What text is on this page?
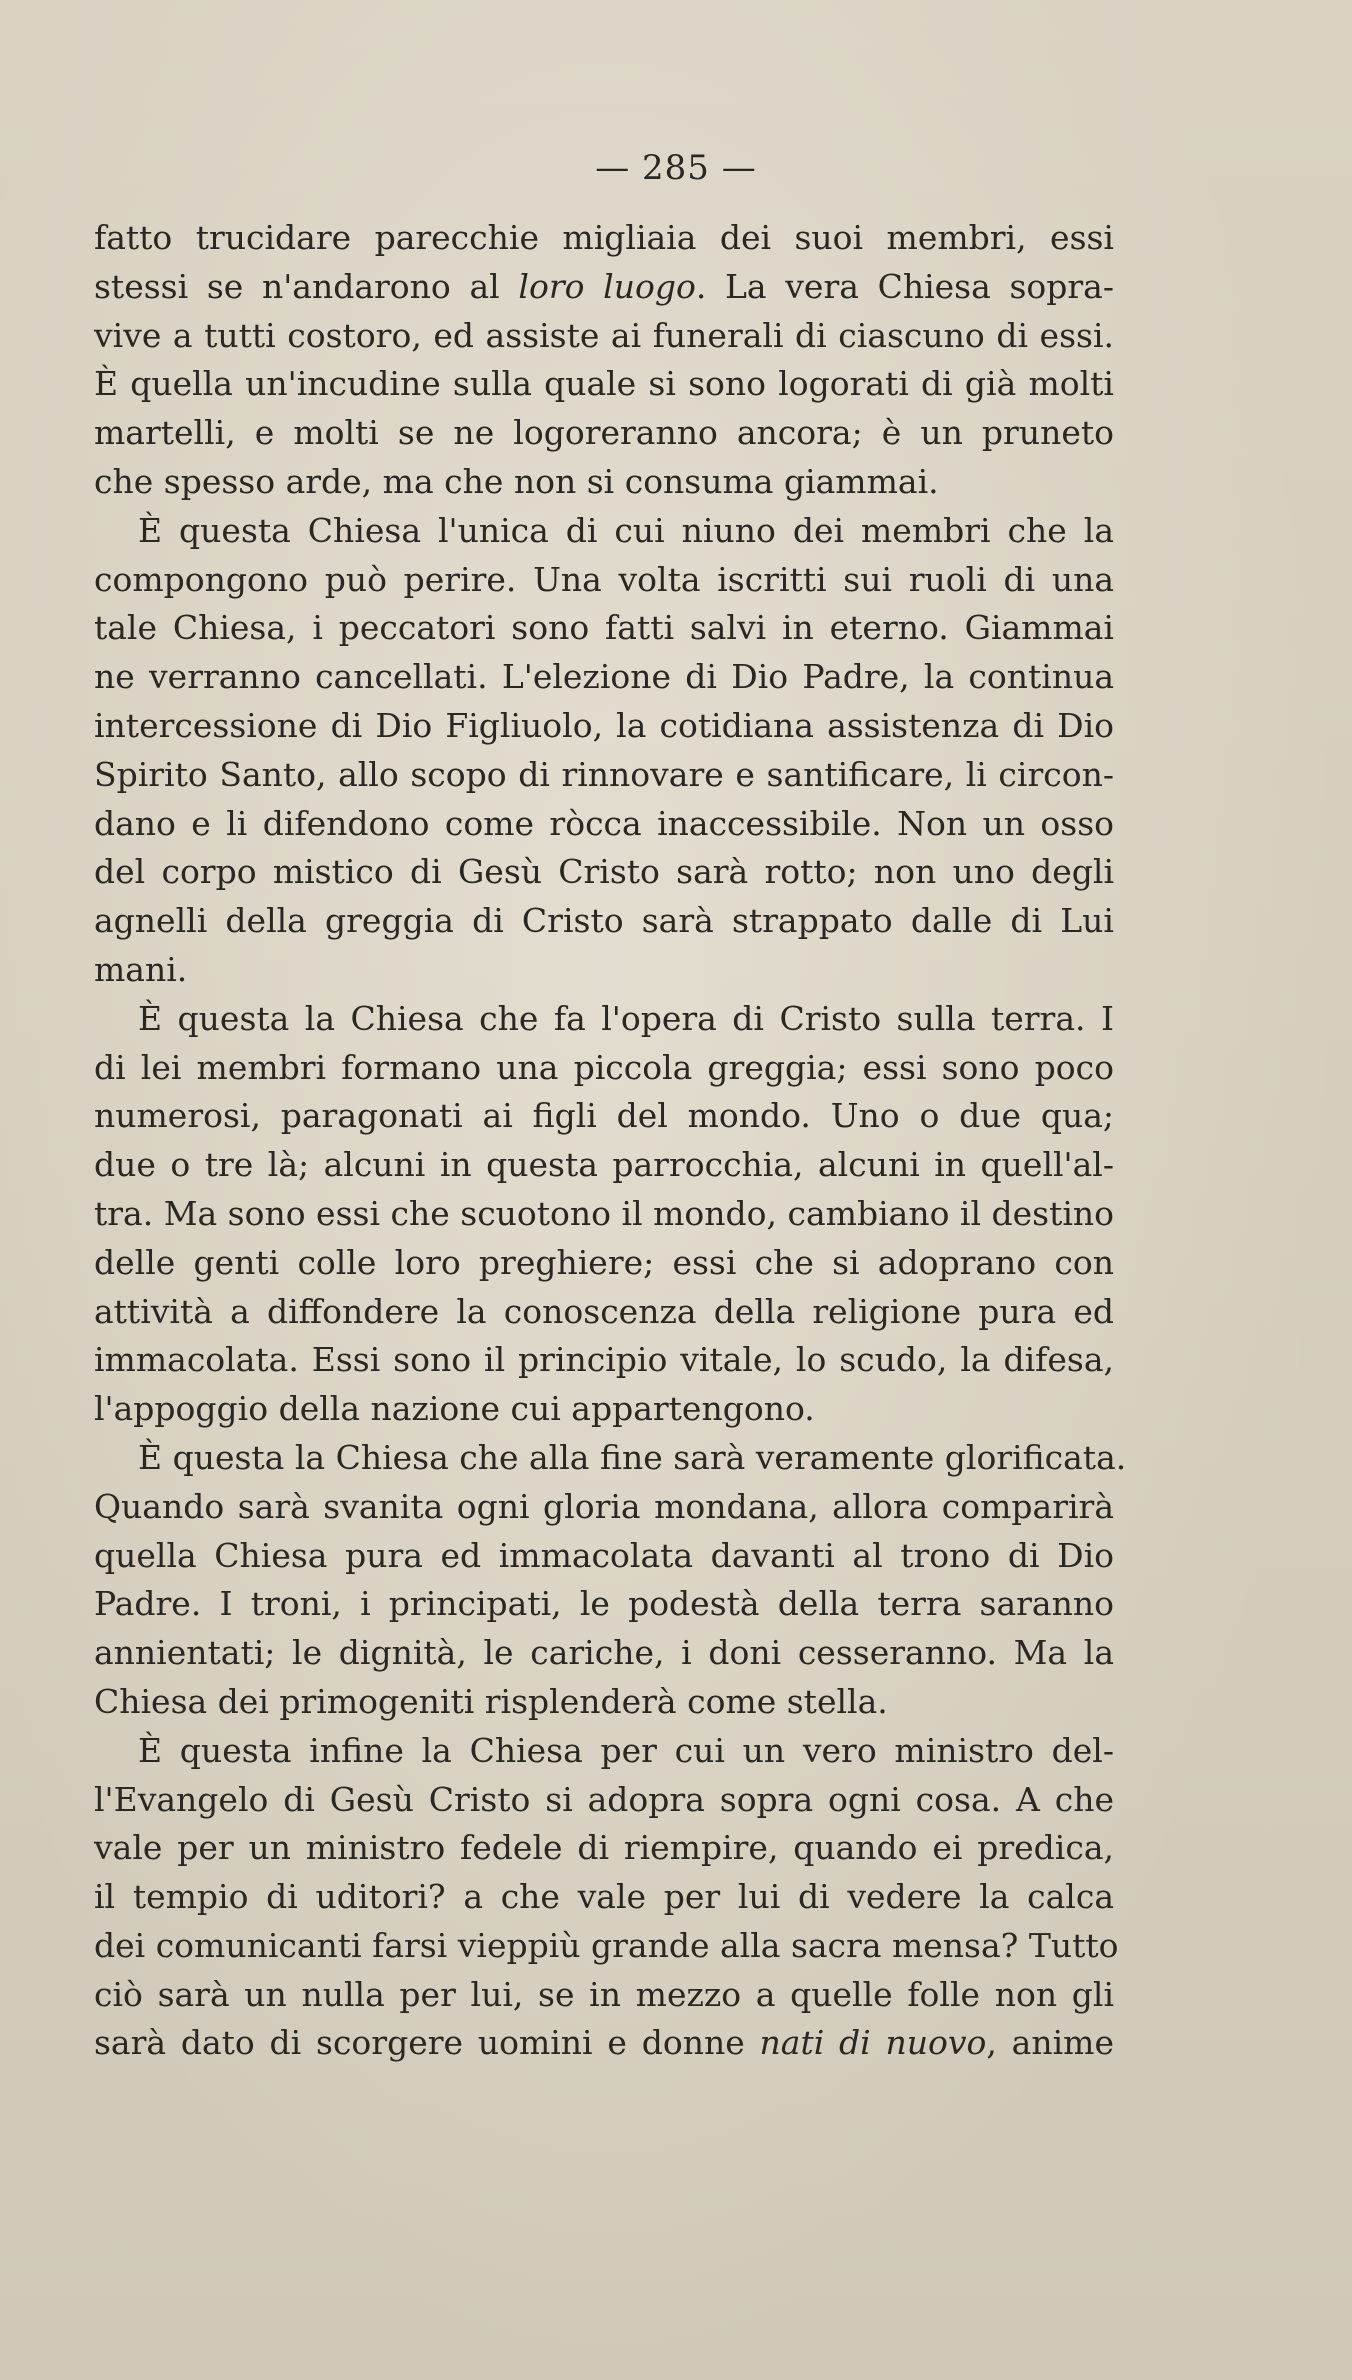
— 285 —
fatto trucidare parecchie migliaia dei suoi membri, essi
stessi se n'andarono al loro luogo. La vera Chiesa sopra-
vive a tutti costoro, ed assiste ai funerali di ciascuno di essi.
È quella un'incudine sulla quale si sono logorati di già molti
martelli, e molti se ne logoreranno ancora; è un pruneto
che spesso arde, ma che non si consuma giammai.
È questa Chiesa l'unica di cui niuno dei membri che la
compongono può perire. Una volta iscritti sui ruoli di una
tale Chiesa, i peccatori sono fatti salvi in eterno. Giammai
ne verranno cancellati. L'elezione di Dio Padre, la continua
intercessione di Dio Figliuolo, la cotidiana assistenza di Dio
Spirito Santo, allo scopo di rinnovare e santificare, li circon-
dano e li difendono come ròcca inaccessibile. Non un osso
del corpo mistico di Gesù Cristo sarà rotto; non uno degli
agnelli della greggia di Cristo sarà strappato dalle di Lui
mani.
È questa la Chiesa che fa l'opera di Cristo sulla terra. I
di lei membri formano una piccola greggia; essi sono poco
numerosi, paragonati ai figli del mondo. Uno o due qua;
due o tre là; alcuni in questa parrocchia, alcuni in quell'al-
tra. Ma sono essi che scuotono il mondo, cambiano il destino
delle genti colle loro preghiere; essi che si adoprano con
attività a diffondere la conoscenza della religione pura ed
immacolata. Essi sono il principio vitale, lo scudo, la difesa,
l'appoggio della nazione cui appartengono.
È questa la Chiesa che alla fine sarà veramente glorificata.
Quando sarà svanita ogni gloria mondana, allora comparirà
quella Chiesa pura ed immacolata davanti al trono di Dio
Padre. I troni, i principati, le podestà della terra saranno
annientati; le dignità, le cariche, i doni cesseranno. Ma la
Chiesa dei primogeniti risplenderà come stella.
È questa infine la Chiesa per cui un vero ministro del-
l'Evangelo di Gesù Cristo si adopra sopra ogni cosa. A che
vale per un ministro fedele di riempire, quando ei predica,
il tempio di uditori? a che vale per lui di vedere la calca
dei comunicanti farsi vieppiù grande alla sacra mensa? Tutto
ciò sarà un nulla per lui, se in mezzo a quelle folle non gli
sarà dato di scorgere uomini e donne nati di nuovo, anime
